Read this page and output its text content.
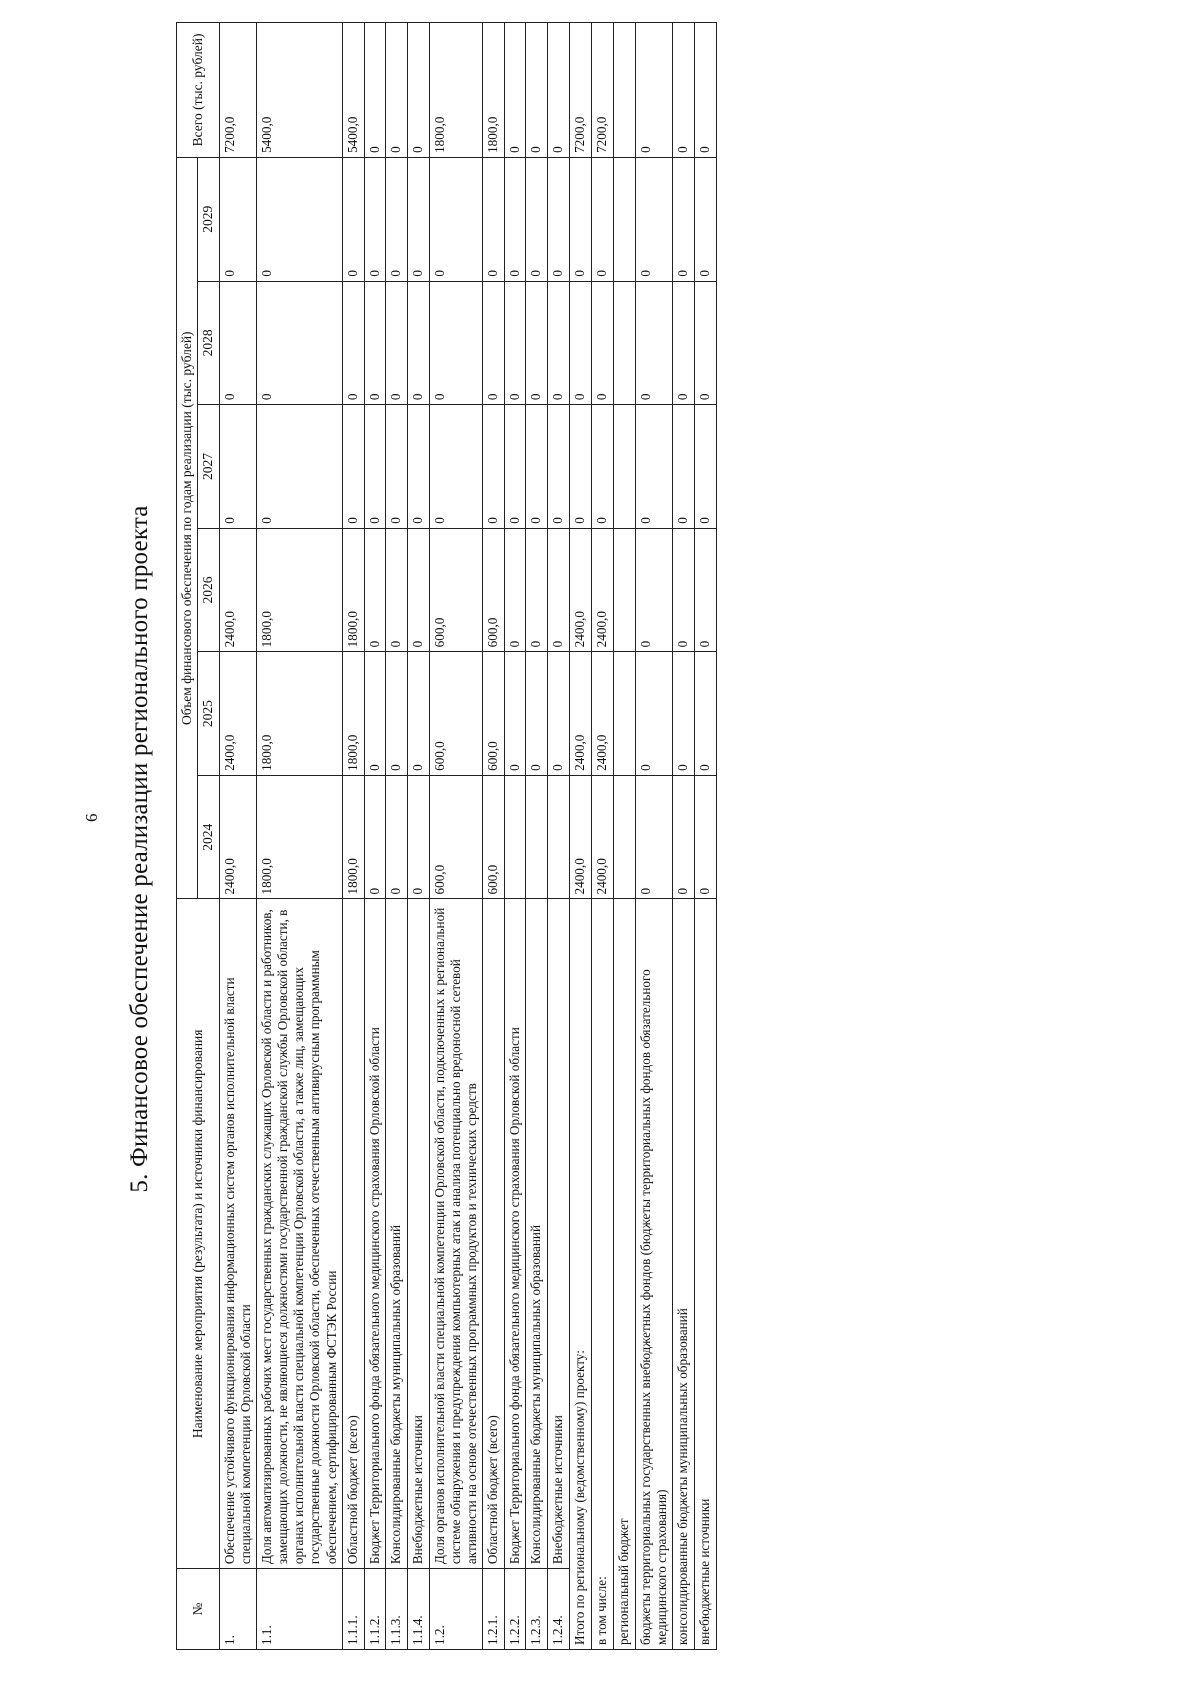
6 5. Финансовое обеспечение реализации регионального проекта
№	Наименование мероприятия (результата) и источники финансирования	Объем финансового обеспечения по годам реализации (тыс. рублей)						Всего (тыс. рублей)
		2024	2025	2026	2027	2028	2029	
1.	Обеспечение устойчивого функционирования информационных систем органов исполнительной власти специальной компетенции Орловской области	2400,0	2400,0	2400,0	0	0	0	7200,0
1.1.	Доля автоматизированных рабочих мест государственных гражданских служащих Орловской области и работников, замещающих должности, не являющиеся должностями государственной гражданской службы Орловской области, в органах исполнительной власти специальной компетенции Орловской области, а также лиц, замещающих государственные должности Орловской области, обеспеченных отечественным антивирусным программным обеспечением, сертифицированным ФСТЭК России	1800,0	1800,0	1800,0	0	0	0	5400,0
1.1.1.	Областной бюджет (всего)	1800,0	1800,0	1800,0	0	0	0	5400,0
1.1.2.	Бюджет Территориального фонда обязательного медицинского страхования Орловской области	0	0	0	0	0	0	0
1.1.3.	Консолидированные бюджеты муниципальных образований	0	0	0	0	0	0	0
1.1.4.	Внебюджетные источники	0	0	0	0	0	0	0
1.2.	Доля органов исполнительной власти специальной компетенции Орловской области, подключенных к региональной системе обнаружения и предупреждения компьютерных атак и анализа потенциально вредоносной сетевой активности на основе отечественных программных продуктов и технических средств	600,0	600,0	600,0	0	0	0	1800,0
1.2.1.	Областной бюджет (всего)	600,0	600,0	600,0	0	0	0	1800,0
1.2.2.	Бюджет Территориального фонда обязательного медицинского страхования Орловской области		0	0	0	0	0	0
1.2.3.	Консолидированные бюджеты муниципальных образований		0	0	0	0	0	0
1.2.4.	Внебюджетные источники		0	0	0	0	0	0
Итого по региональному (ведомственному) проекту:		2400,0	2400,0	2400,0	0	0	0	7200,0
в том числе:		2400,0	2400,0	2400,0	0	0	0	7200,0
региональный бюджет								
бюджеты территориальных государственных внебюджетных фондов (бюджеты территориальных фондов обязательного медицинского страхования)		0	0	0	0	0	0	0
консолидированные бюджеты муниципальных образований		0	0	0	0	0	0	0
внебюджетные источники		0	0	0	0	0	0	0
